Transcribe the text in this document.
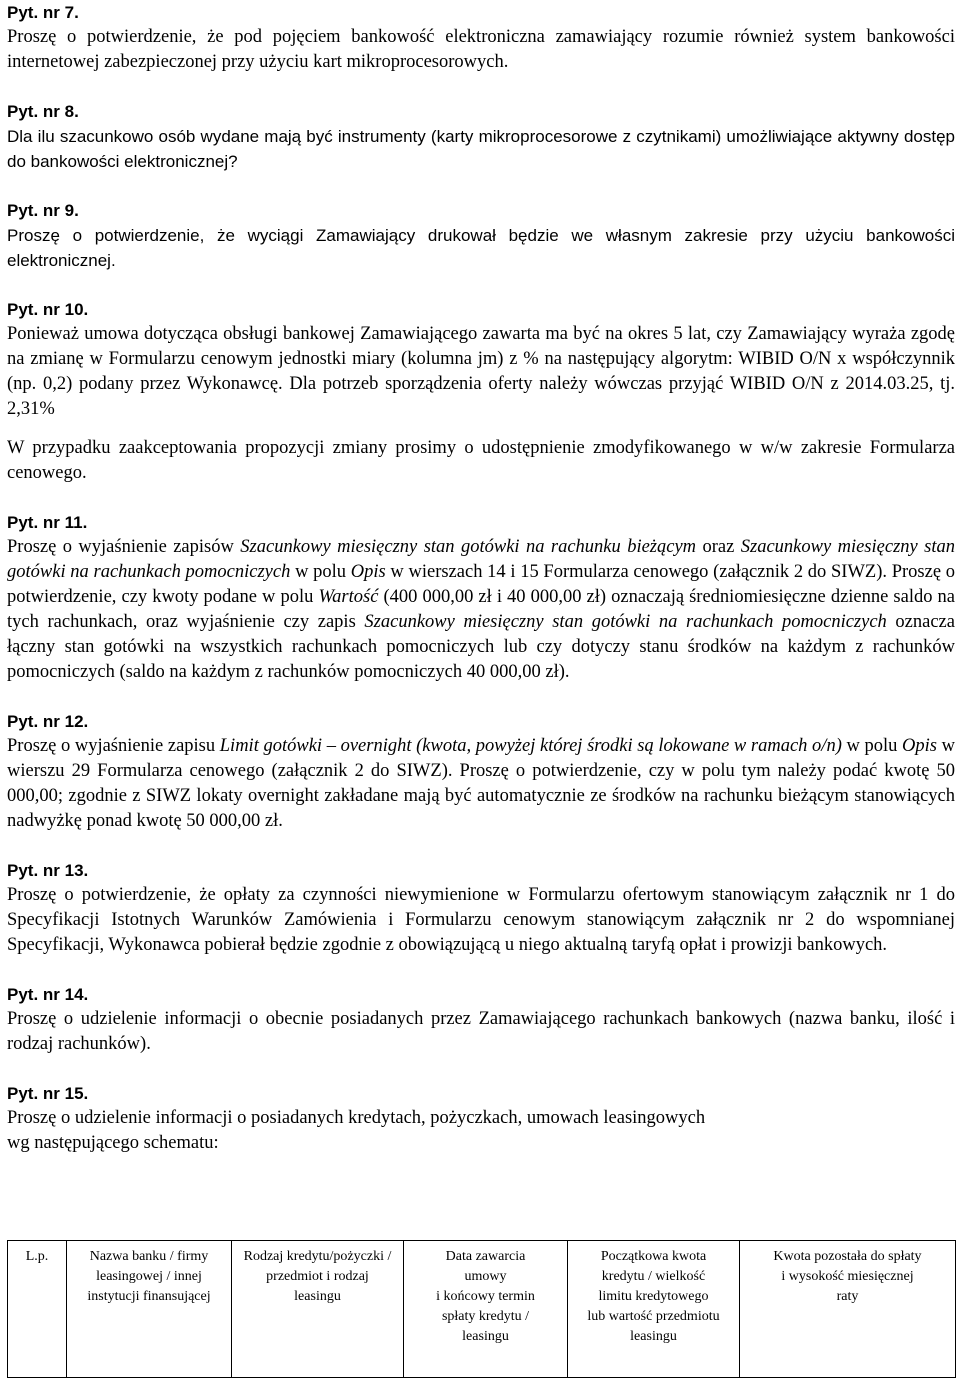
Pyt. nr 7.

Proszę o potwierdzenie, że pod pojęciem bankowość elektroniczna zamawiający rozumie również system bankowości internetowej zabezpieczonej przy użyciu kart mikroprocesorowych.

Pyt. nr 8.

Dla ilu szacunkowo osób wydane mają być instrumenty (karty mikroprocesorowe z czytnikami) umożliwiające aktywny dostęp do bankowości elektronicznej?

Pyt. nr 9.

Proszę o potwierdzenie, że wyciągi Zamawiający drukował będzie we własnym zakresie przy użyciu bankowości elektronicznej.

Pyt. nr 10.

Ponieważ umowa dotycząca obsługi bankowej Zamawiającego zawarta ma być na okres 5 lat, czy Zamawiający wyraża zgodę na zmianę w Formularzu cenowym jednostki miary (kolumna jm) z % na następujący algorytm: WIBID O/N x współczynnik (np. 0,2) podany przez Wykonawcę. Dla potrzeb sporządzenia oferty należy wówczas przyjąć WIBID O/N z 2014.03.25, tj. 2,31%

W przypadku zaakceptowania propozycji zmiany prosimy o udostępnienie zmodyfikowanego w w/w zakresie Formularza cenowego.

Pyt. nr 11.

Proszę o wyjaśnienie zapisów Szacunkowy miesięczny stan gotówki na rachunku bieżącym oraz Szacunkowy miesięczny stan gotówki na rachunkach pomocniczych w polu Opis w wierszach 14 i 15 Formularza cenowego (załącznik 2 do SIWZ). Proszę o potwierdzenie, czy kwoty podane w polu Wartość (400 000,00 zł i 40 000,00 zł) oznaczają średniomiesięczne dzienne saldo na tych rachunkach, oraz wyjaśnienie czy zapis Szacunkowy miesięczny stan gotówki na rachunkach pomocniczych oznacza łączny stan gotówki na wszystkich rachunkach pomocniczych lub czy dotyczy stanu środków na każdym z rachunków pomocniczych (saldo na każdym z rachunków pomocniczych 40 000,00 zł).

Pyt. nr 12.

Proszę o wyjaśnienie zapisu Limit gotówki – overnight (kwota, powyżej której środki są lokowane w ramach o/n) w polu Opis w wierszu 29 Formularza cenowego (załącznik 2 do SIWZ). Proszę o potwierdzenie, czy w polu tym należy podać kwotę 50 000,00; zgodnie z SIWZ lokaty overnight zakładane mają być automatycznie ze środków na rachunku bieżącym stanowiących nadwyżkę ponad kwotę 50 000,00 zł.

Pyt. nr 13.

Proszę o potwierdzenie, że opłaty za czynności niewymienione w Formularzu ofertowym stanowiącym załącznik nr 1 do Specyfikacji Istotnych Warunków Zamówienia i Formularzu cenowym stanowiącym załącznik nr 2 do wspomnianej Specyfikacji, Wykonawca pobierał będzie zgodnie z obowiązującą u niego aktualną taryfą opłat i prowizji bankowych.

Pyt. nr 14.

Proszę o udzielenie informacji o obecnie posiadanych przez Zamawiającego rachunkach bankowych (nazwa banku, ilość i rodzaj rachunków).

Pyt. nr 15.

Proszę o udzielenie informacji o posiadanych kredytach, pożyczkach, umowach leasingowych

wg następującego schematu:

L.p.	Nazwa banku / firmy
leasingowej / innej
instytucji finansującej	Rodzaj kredytu/pożyczki /
przedmiot i rodzaj
leasingu	Data zawarcia
umowy
i końcowy termin
spłaty kredytu /
leasingu	Początkowa kwota
kredytu / wielkość
limitu kredytowego
lub wartość przedmiotu
leasingu	Kwota pozostała do spłaty
i wysokość miesięcznej
raty
